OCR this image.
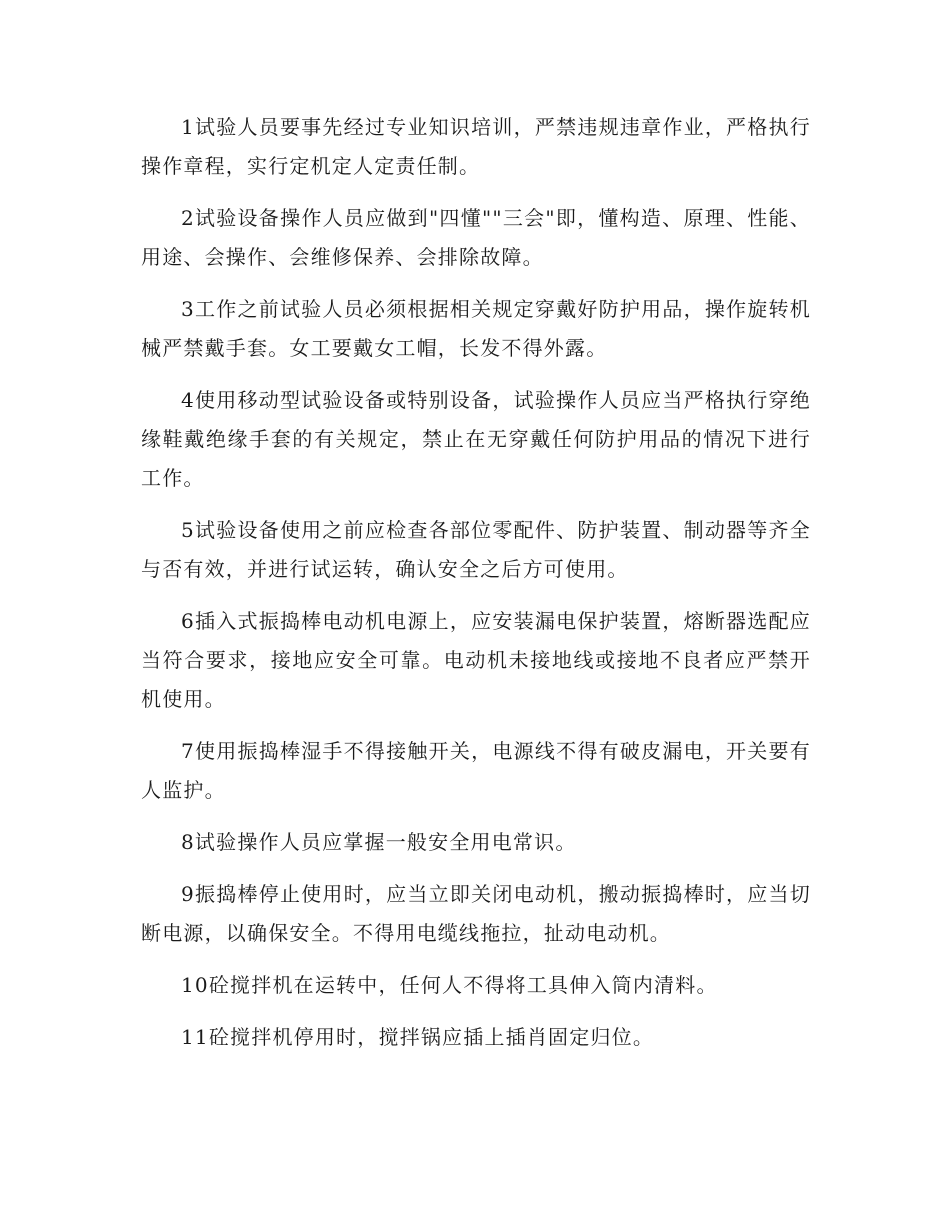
1试验人员要事先经过专业知识培训，严禁违规违章作业，严格执行操作章程，实行定机定人定责任制。

2试验设备操作人员应做到"四懂""三会"即，懂构造、原理、性能、用途、会操作、会维修保养、会排除故障。

3工作之前试验人员必须根据相关规定穿戴好防护用品，操作旋转机械严禁戴手套。女工要戴女工帽，长发不得外露。

4使用移动型试验设备或特别设备，试验操作人员应当严格执行穿绝缘鞋戴绝缘手套的有关规定，禁止在无穿戴任何防护用品的情况下进行工作。

5试验设备使用之前应检查各部位零配件、防护装置、制动器等齐全与否有效，并进行试运转，确认安全之后方可使用。

6插入式振捣棒电动机电源上，应安装漏电保护装置，熔断器选配应当符合要求，接地应安全可靠。电动机未接地线或接地不良者应严禁开机使用。

7使用振捣棒湿手不得接触开关，电源线不得有破皮漏电，开关要有人监护。

8试验操作人员应掌握一般安全用电常识。

9振捣棒停止使用时，应当立即关闭电动机，搬动振捣棒时，应当切断电源，以确保安全。不得用电缆线拖拉，扯动电动机。

10砼搅拌机在运转中，任何人不得将工具伸入筒内清料。

11砼搅拌机停用时，搅拌锅应插上插肖固定归位。
